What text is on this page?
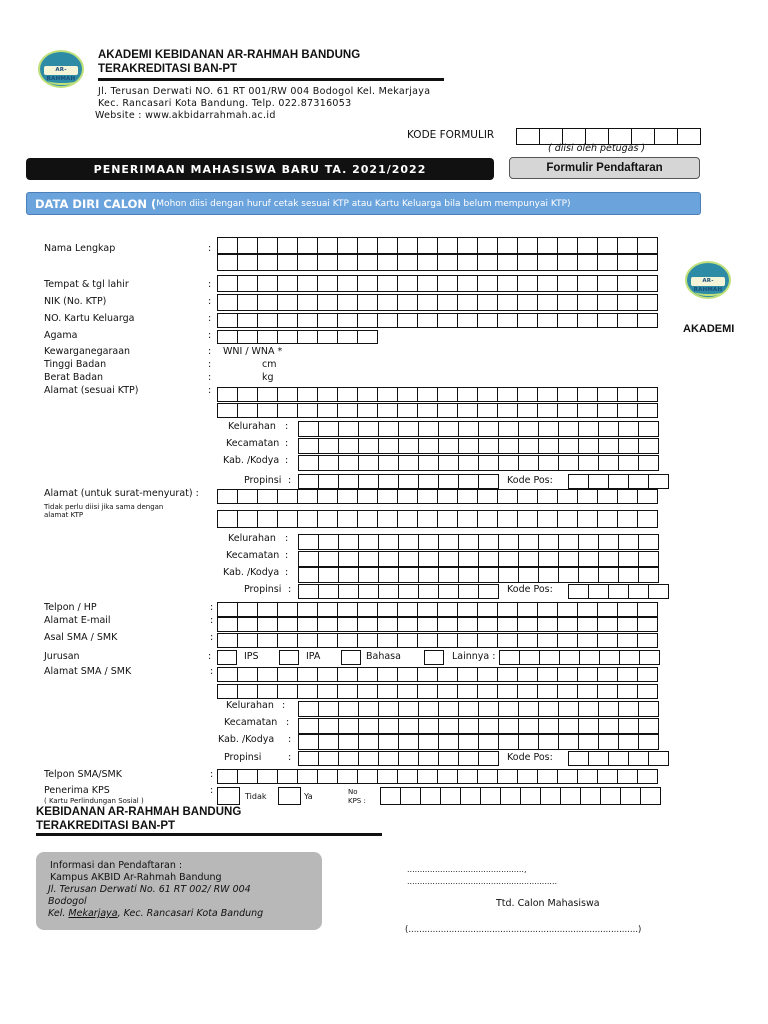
AR-RAHMAH
AKADEMI KEBIDANAN AR-RAHMAH BANDUNG
TERAKREDITASI BAN-PT
Jl. Terusan Derwati NO. 61 RT 001/RW 004 Bodogol Kel. Mekarjaya
Kec. Rancasari Kota Bandung. Telp. 022.87316053
Website : www.akbidarrahmah.ac.id
KODE FORMULIR
( diisi oleh petugas )
PENERIMAAN MAHASISWA BARU TA. 2021/2022	Formulir Pendaftaran
DATA DIRI CALON ( Mohon diisi dengan huruf cetak sesuai KTP atau Kartu Keluarga bila belum mempunyai KTP)
Nama Lengkap	:
Tempat & tgl lahir	:
NIK (No. KTP)	:
NO. Kartu Keluarga	:
Agama	:
Kewarganegaraan	: WNI / WNA *
Tinggi Badan	:	cm
Berat Badan	:	kg
Alamat (sesuai KTP)	:
Kelurahan :
Kecamatan :
Kab. /Kodya :
Propinsi :	Kode Pos:
Alamat (untuk surat-menyurat) :
Tidak perlu diisi jika sama dengan
alamat KTP
Kelurahan :
Kecamatan :
Kab. /Kodya :
Propinsi :	Kode Pos:
Telpon / HP	:
Alamat E-mail	:
Asal SMA / SMK	:
Jurusan	:	IPS	IPA	Bahasa	Lainnya :
Alamat SMA / SMK	:
Kelurahan :
Kecamatan :
Kab. /Kodya :
Propinsi	:	Kode Pos:
Telpon SMA/SMK	:
Penerima KPS	:
( Kartu Perlindungan Sosial )	Tidak	Ya	No
KPS :
AR-RAHMAH
AKADEMI
KEBIDANAN AR-RAHMAH BANDUNG
TERAKREDITASI BAN-PT
Informasi dan Pendaftaran :
Kampus AKBID Ar-Rahmah Bandung
Jl. Terusan Derwati No. 61 RT 002/ RW 004
Bodogol
Kel. Mekarjaya, Kec. Rancasari Kota Bandung
..............................................,
...........................................................
Ttd. Calon Mahasiswa
(.....................................................................................)
